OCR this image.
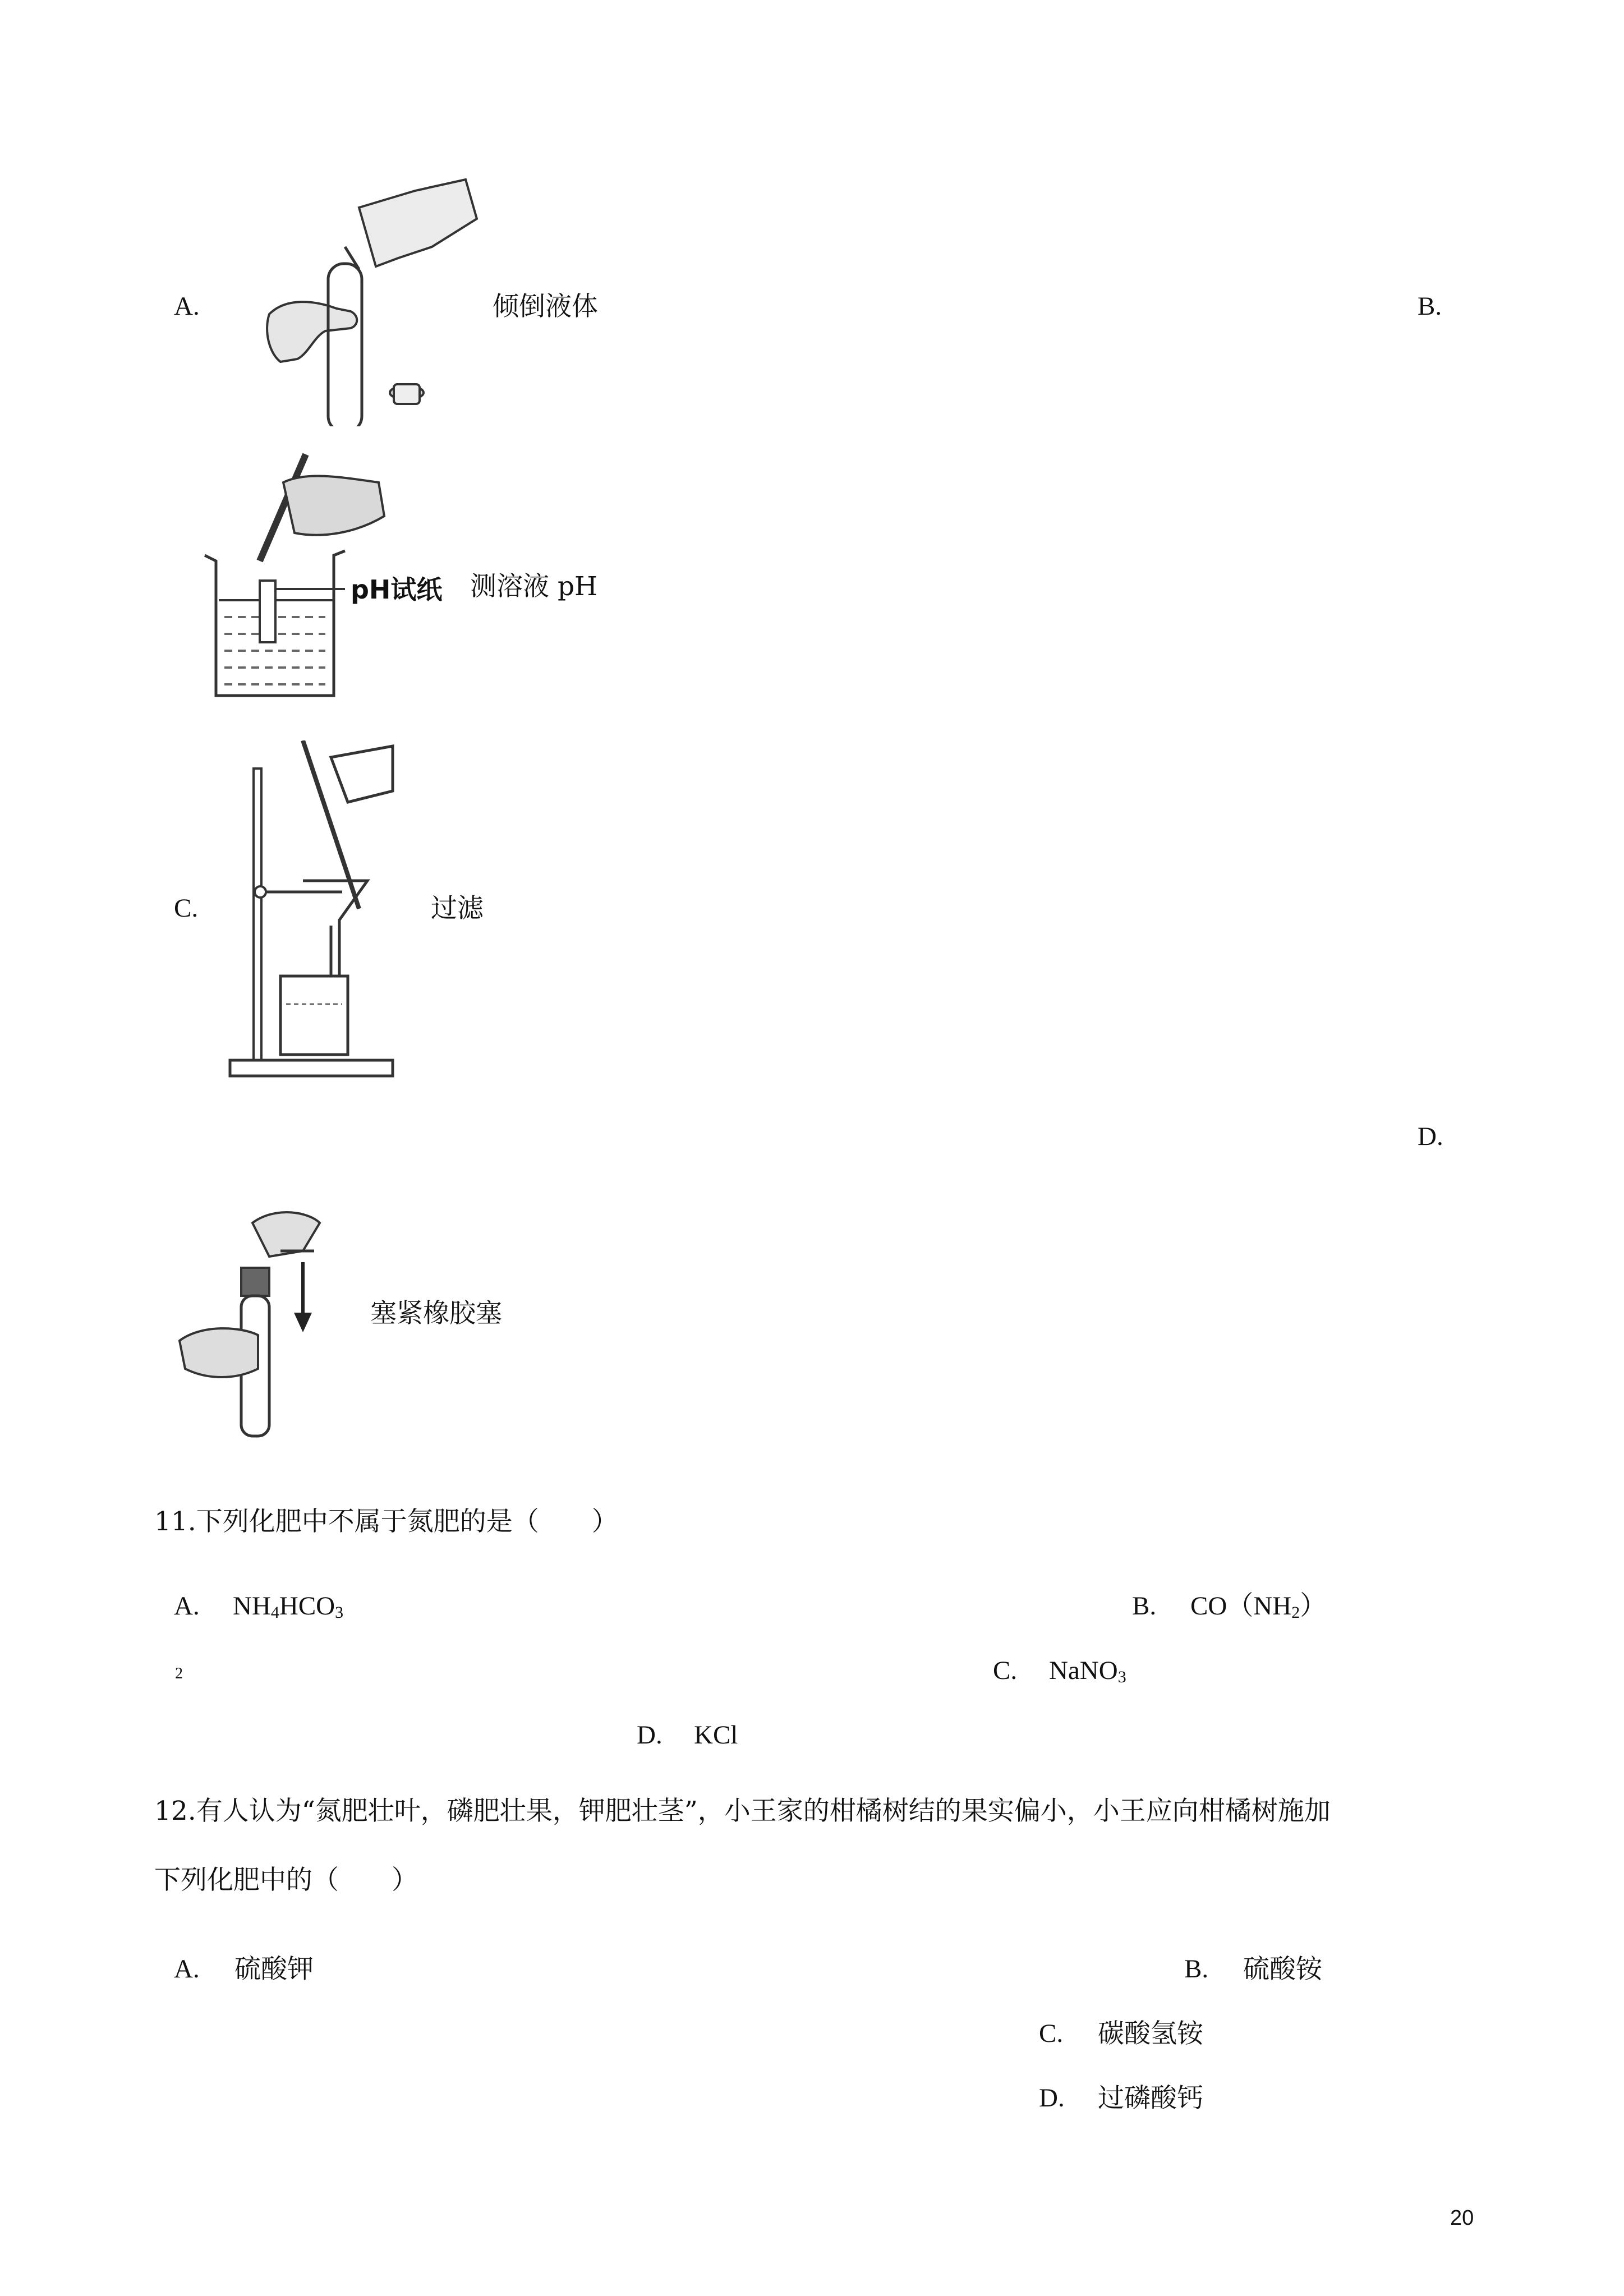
A.	倾倒液体	B.
pH试纸 测溶液 pH
C.	过滤
D.
塞紧橡胶塞
11.下列化肥中不属于氮肥的是（　　）
A. $NH_4HCO_3$	B. $CO(NH_2)$
2	C. NaNO$_3$
D. KCl
12.有人认为“氮肥壮叶，磷肥壮果，钾肥壮茎”，小王家的柑橘树结的果实偏小，小王应向柑橘树施加
下列化肥中的（　　）
A. 硫酸钾	B. 硫酸铵
C. 碳酸氢铵
D. 过磷酸钙
20
